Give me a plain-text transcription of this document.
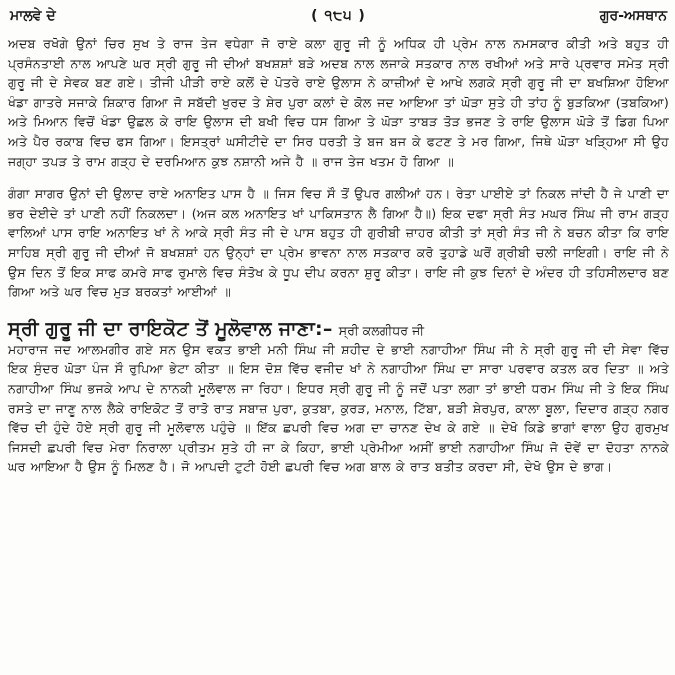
ਮਾਲਵੇ ਦੇ	( ੧੮੫ )	ਗੁਰ-ਅਸਥਾਨ

ਅਦਬ ਰਖੋਗੇ ਉਨਾਂ ਚਿਰ ਸੁਖ ਤੇ ਰਾਜ ਤੇਜ ਵਧੇਗਾ ਜੋ ਰਾਏ ਕਲਾ ਗੁਰੂ ਜੀ ਨੂੰ ਅਧਿਕ ਹੀ ਪ੍ਰੇਮ ਨਾਲ ਨਮਸਕਾਰ ਕੀਤੀ ਅਤੇ ਬਹੁਤ ਹੀ ਪ੍ਰਸੰਨਤਾਈ ਨਾਲ ਆਪਣੇ ਘਰ ਸ੍ਰੀ ਗੁਰੂ ਜੀ ਦੀਆਂ ਬਖਸ਼ਸ਼ਾਂ ਬੜੇ ਅਦਬ ਨਾਲ ਲਜਾਕੇ ਸਤਕਾਰ ਨਾਲ ਰਖੀਆਂ ਅਤੇ ਸਾਰੇ ਪ੍ਰਵਾਰ ਸਮੇਤ ਸ੍ਰੀ ਗੁਰੂ ਜੀ ਦੇ ਸੇਵਕ ਬਣ ਗਏ। ਤੀਜੀ ਪੀੜੀ ਰਾਏ ਕਲੋਂ ਦੇ ਪੋਤਰੇ ਰਾਏ ਉਲਾਸ ਨੇ ਕਾਜ਼ੀਆਂ ਦੇ ਆਖੇ ਲਗਕੇ ਸ੍ਰੀ ਗੁਰੂ ਜੀ ਦਾ ਬਖਸ਼ਿਆ ਹੋਇਆ ਖੰਡਾ ਗਾਤਰੇ ਸਜਾਕੇ ਸ਼ਿਕਾਰ ਗਿਆ ਜੋ ਸਬੱਦੀ ਖੁਰਦ ਤੇ ਸ਼ੇਰ ਪੁਰਾ ਕਲਾਂ ਦੇ ਕੋਲ ਜਦ ਆਇਆ ਤਾਂ ਘੋੜਾ ਸੁਤੇ ਹੀ ਤਾਂਹ ਨੂੰ ਬੁੜਕਿਆ (ਤਬਕਿਆ) ਅਤੇ ਮਿਆਨ ਵਿਚੋਂ ਖੰਡਾ ਉਛਲ ਕੇ ਰਾਇ ਉਲਾਸ ਦੀ ਬਖੀ ਵਿਚ ਧਸ ਗਿਆ ਤੇ ਘੋੜਾ ਤਾਬੜ ਤੋੜ ਭਜਣ ਤੇ ਰਾਇ ਉਲਾਸ ਘੋੜੇ ਤੋਂ ਡਿਗ ਪਿਆ ਅਤੇ ਪੈਰ ਰਕਾਬ ਵਿਚ ਫਸ ਗਿਆ। ਇਸਤ੍ਰਾਂ ਘਸੀਟੀਦੇ ਦਾ ਸਿਰ ਧਰਤੀ ਤੇ ਬਜ ਬਜ ਕੇ ਫਟਣ ਤੇ ਮਰ ਗਿਆ, ਜਿਥੇ ਘੋੜਾ ਖੜ੍ਹਿਆ ਸੀ ਉਹ ਜਗ੍ਹਾ ਤਪੜ ਤੇ ਰਾਮ ਗੜ੍ਹ ਦੇ ਦਰਮਿਆਨ ਕੁਝ ਨਸ਼ਾਨੀ ਅਜੇ ਹੈ ॥ ਰਾਜ ਤੇਜ ਖਤਮ ਹੋ ਗਿਆ ॥

ਗੰਗਾ ਸਾਗਰ ਉਨਾਂ ਦੀ ਉਲਾਦ ਰਾਏ ਅਨਾਇਤ ਪਾਸ ਹੈ ॥ ਜਿਸ ਵਿਚ ਸੌ ਤੋਂ ਉਪਰ ਗਲੀਆਂ ਹਨ। ਰੇਤਾ ਪਾਈਏ ਤਾਂ ਨਿਕਲ ਜਾਂਦੀ ਹੈ ਜੇ ਪਾਣੀ ਦਾ ਭਰ ਦੇਈਦੇ ਤਾਂ ਪਾਣੀ ਨਹੀਂ ਨਿਕਲਦਾ। (ਅਜ ਕਲ ਅਨਾਇਤ ਖਾਂ ਪਾਕਿਸਤਾਨ ਲੈ ਗਿਆ ਹੈ॥) ਇਕ ਦਫਾ ਸ੍ਰੀ ਸੰਤ ਮਘਰ ਸਿੰਘ ਜੀ ਰਾਮ ਗੜ੍ਹ ਵਾਲਿਆਂ ਪਾਸ ਰਾਇ ਅਨਾਇਤ ਖਾਂ ਨੇ ਆਕੇ ਸ੍ਰੀ ਸੰਤ ਜੀ ਦੇ ਪਾਸ ਬਹੁਤ ਹੀ ਗੁਰੀਬੀ ਜ਼ਾਹਰ ਕੀਤੀ ਤਾਂ ਸ੍ਰੀ ਸੰਤ ਜੀ ਨੇ ਬਚਨ ਕੀਤਾ ਕਿ ਰਾਇ ਸਾਹਿਬ ਸ੍ਰੀ ਗੁਰੂ ਜੀ ਦੀਆਂ ਜੋ ਬਖਸ਼ਸ਼ਾਂ ਹਨ ਉਨ੍ਹਾਂ ਦਾ ਪ੍ਰੇਮ ਭਾਵਨਾ ਨਾਲ ਸਤਕਾਰ ਕਰੋ ਤੁਹਾਡੇ ਘਰੋਂ ਗ੍ਰੀਬੀ ਚਲੀ ਜਾਇਗੀ। ਰਾਇ ਜੀ ਨੇ ਉਸ ਦਿਨ ਤੋਂ ਇਕ ਸਾਫ ਕਮਰੇ ਸਾਫ ਰੁਮਾਲੇ ਵਿਚ ਸੰਤੋਖ ਕੇ ਧੂਪ ਦੀਪ ਕਰਨਾ ਸ਼ੁਰੂ ਕੀਤਾ। ਰਾਇ ਜੀ ਕੁਝ ਦਿਨਾਂ ਦੇ ਅੰਦਰ ਹੀ ਤਹਿਸੀਲਦਾਰ ਬਣ ਗਿਆ ਅਤੇ ਘਰ ਵਿਚ ਮੁੜ ਬਰਕਤਾਂ ਆਈਆਂ ॥

ਸ੍ਰੀ ਗੁਰੂ ਜੀ ਦਾ ਰਾਇਕੋਟ ਤੋਂ ਮੂਲੋਵਾਲ ਜਾਣਾ:– ਸ੍ਰੀ ਕਲਗੀਧਰ ਜੀ

ਮਹਾਰਾਜ ਜਦ ਆਲਮਗੀਰ ਗਏ ਸਨ ਉਸ ਵਕਤ ਭਾਈ ਮਨੀ ਸਿੰਘ ਜੀ ਸ਼ਹੀਦ ਦੇ ਭਾਈ ਨਗਾਹੀਆ ਸਿੰਘ ਜੀ ਨੇ ਸ੍ਰੀ ਗੁਰੂ ਜੀ ਦੀ ਸੇਵਾ ਵਿੱਚ ਇਕ ਸੁੰਦਰ ਘੋੜਾ ਪੰਜ ਸੌ ਰੁਪਿਆ ਭੇਟਾ ਕੀਤਾ ॥ ਇਸ ਦੋਸ਼ ਵਿੱਚ ਵਜੀਦ ਖਾਂ ਨੇ ਨਗਾਹੀਆ ਸਿੰਘ ਦਾ ਸਾਰਾ ਪਰਵਾਰ ਕਤਲ ਕਰ ਦਿਤਾ ॥ ਅਤੇ ਨਗਾਹੀਆ ਸਿੰਘ ਭਜਕੇ ਆਪ ਦੇ ਨਾਨਕੀ ਮੂਲੋਵਾਲ ਜਾ ਰਿਹਾ। ਇਧਰ ਸ੍ਰੀ ਗੁਰੂ ਜੀ ਨੂੰ ਜਦੋਂ ਪਤਾ ਲਗਾ ਤਾਂ ਭਾਈ ਧਰਮ ਸਿੰਘ ਜੀ ਤੇ ਇਕ ਸਿੰਘ ਰਸਤੇ ਦਾ ਜਾਣੂ ਨਾਲ ਲੈਕੇ ਰਾਇਕੋਟ ਤੋਂ ਰਾਤੋ ਰਾਤ ਸਬਾਜ਼ ਪੁਰਾ, ਕੁਤਬਾ, ਕੁਰੜ, ਮਨਾਲ, ਟਿੱਬਾ, ਬੜੀ ਸ਼ੇਰਪੁਰ, ਕਾਲਾ ਬੂਲਾ, ਦਿਦਾਰ ਗੜ੍ਹ ਨਗਰ ਵਿੱਚ ਦੀ ਹੁੰਦੇ ਹੋਏ ਸ੍ਰੀ ਗੁਰੂ ਜੀ ਮੂਲੋਵਾਲ ਪਹੁੰਚੇ ॥ ਇੱਕ ਛਪਰੀ ਵਿਚ ਅਗ ਦਾ ਚਾਨਣ ਦੇਖ ਕੇ ਗਏ ॥ ਦੇਖੋ ਕਿਡੇ ਭਾਗਾਂ ਵਾਲਾ ਉਹ ਗੁਰਮੁਖ ਜਿਸਦੀ ਛਪਰੀ ਵਿਚ ਮੇਰਾ ਨਿਰਾਲਾ ਪ੍ਰੀਤਮ ਸੁਤੇ ਹੀ ਜਾ ਕੇ ਕਿਹਾ, ਭਾਈ ਪ੍ਰੇਮੀਆ ਅਸੀਂ ਭਾਈ ਨਗਾਹੀਆ ਸਿੰਘ ਜੋ ਦੋਵੇਂ ਦਾ ਦੋਹਤਾ ਨਾਨਕੇ ਘਰ ਆਇਆ ਹੈ ਉਸ ਨੂੰ ਮਿਲਣ ਹੈ। ਜੋ ਆਪਦੀ ਟੁਟੀ ਹੋਈ ਛਪਰੀ ਵਿਚ ਅਗ ਬਾਲ ਕੇ ਰਾਤ ਬਤੀਤ ਕਰਦਾ ਸੀ, ਦੇਖੋ ਉਸ ਦੇ ਭਾਗ।
